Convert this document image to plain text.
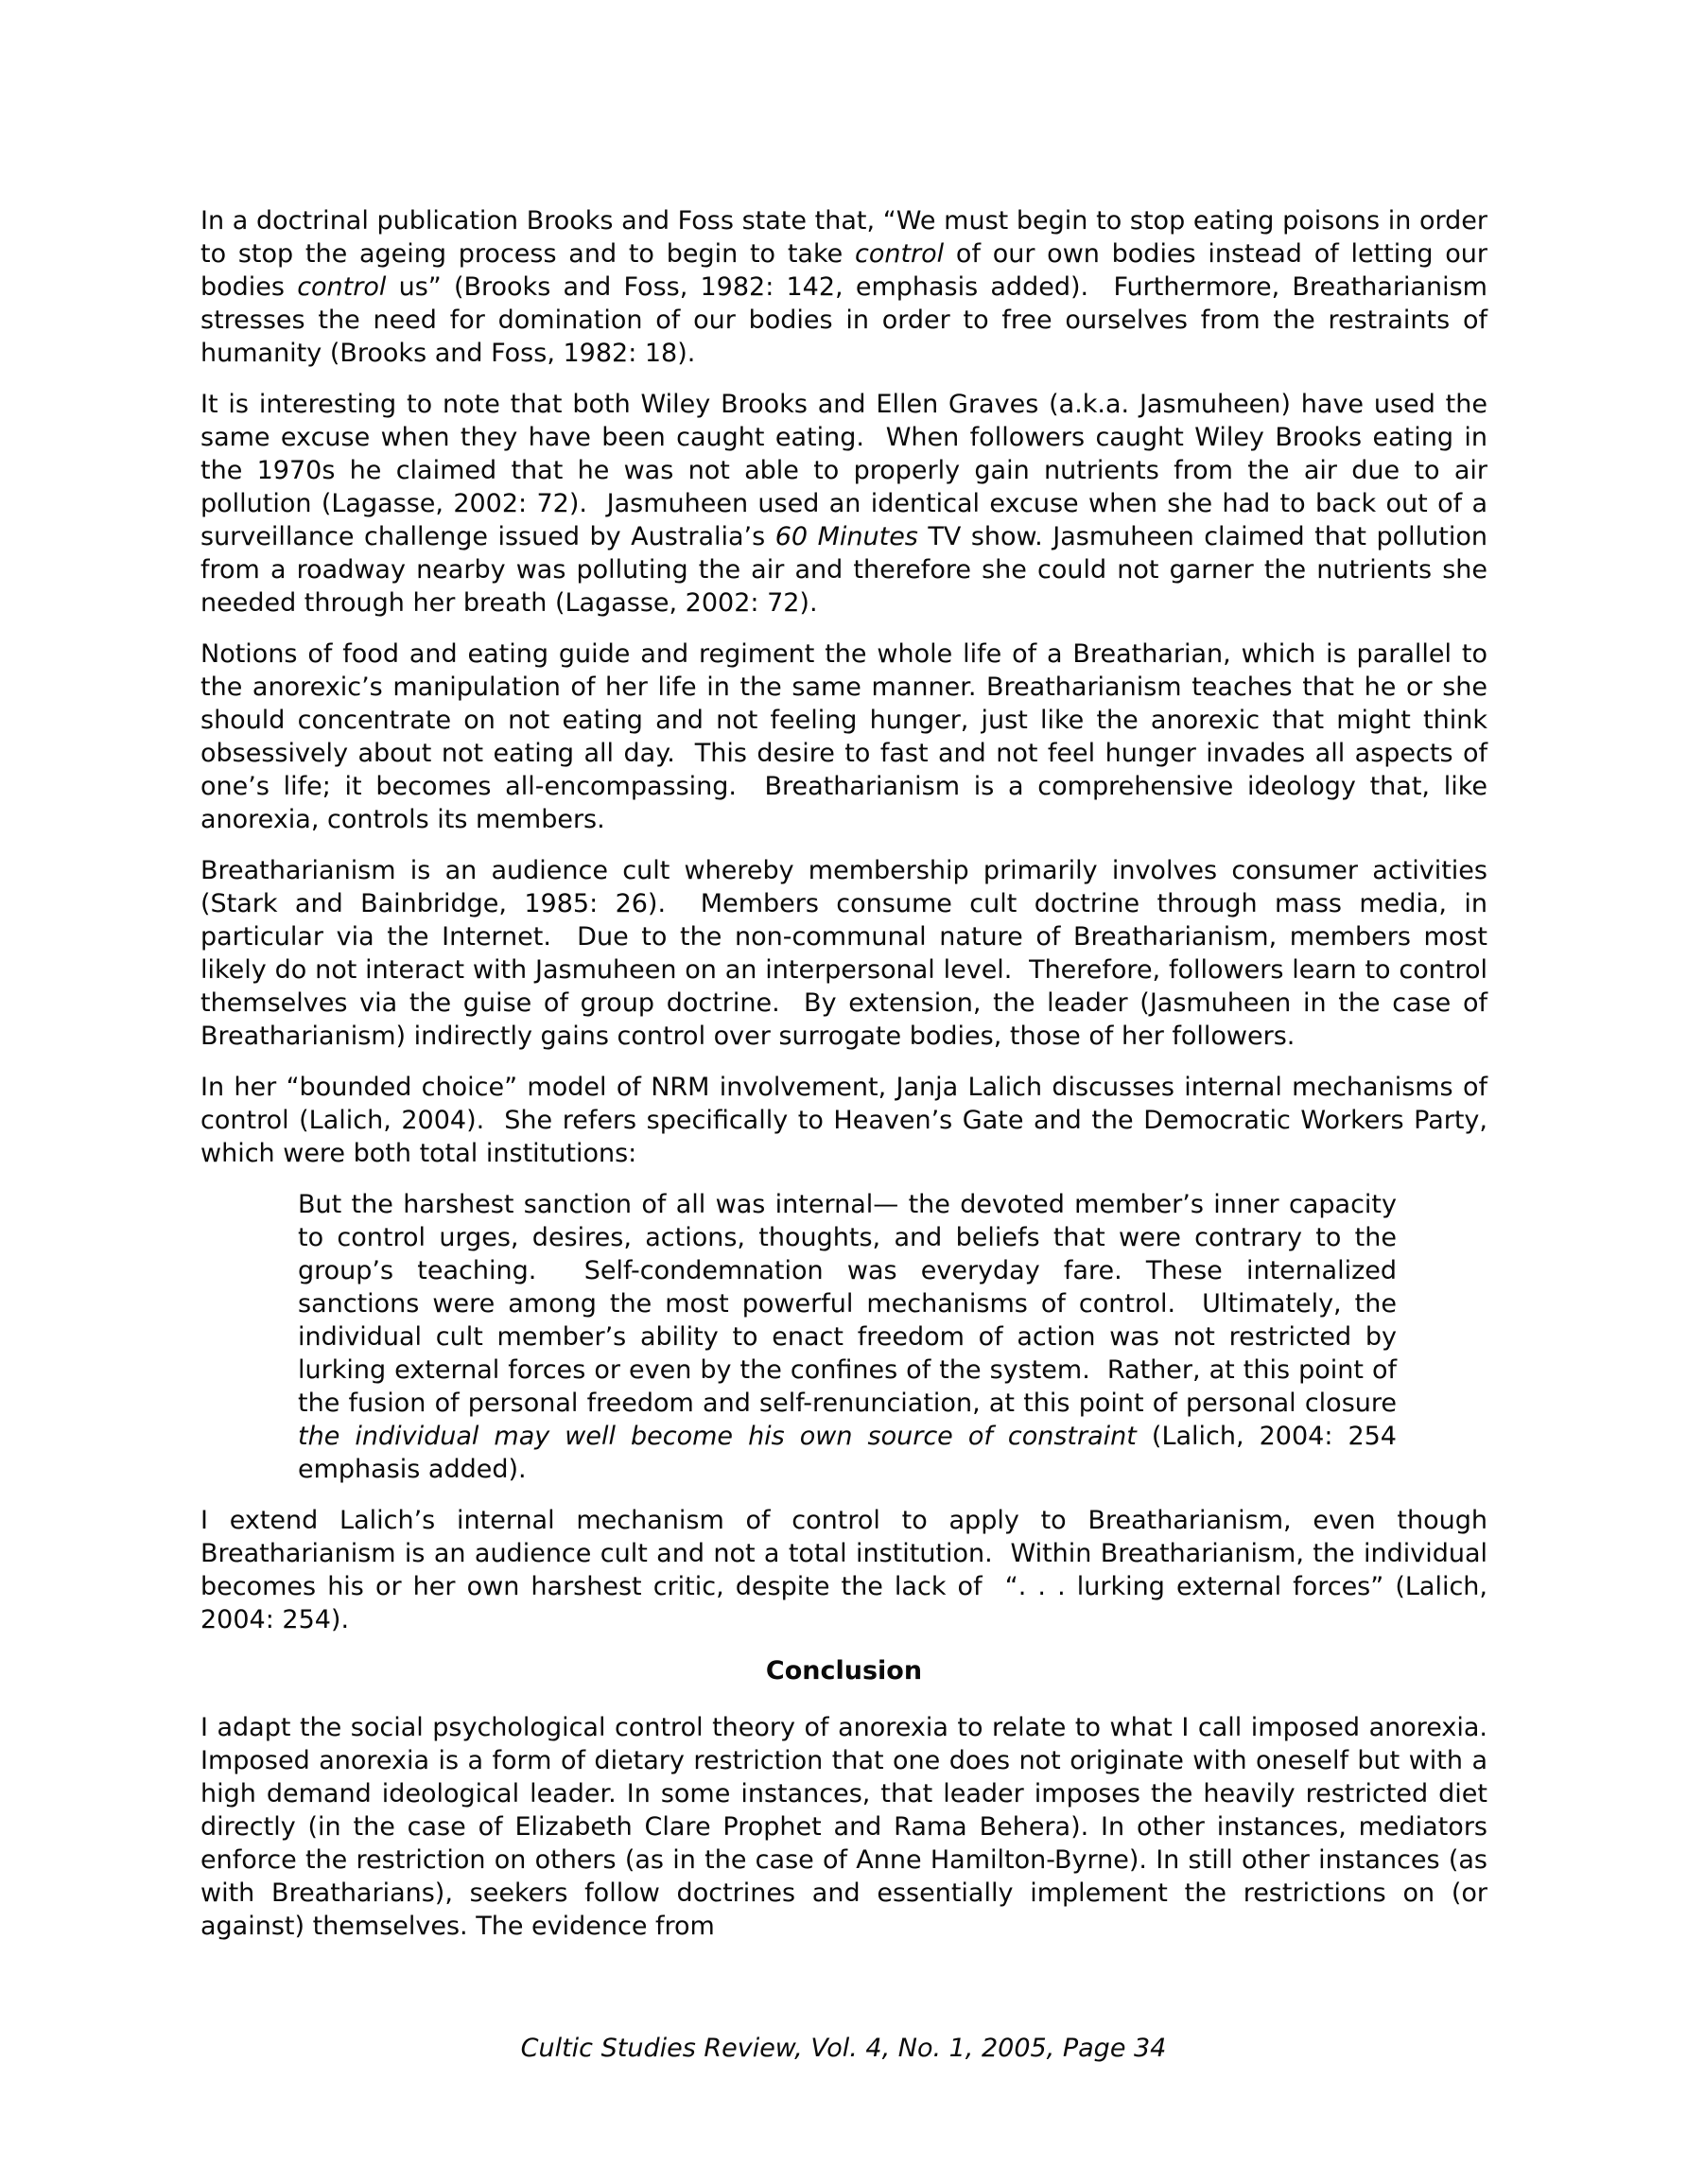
In a doctrinal publication Brooks and Foss state that, “We must begin to stop eating poisons in order to stop the ageing process and to begin to take control of our own bodies instead of letting our bodies control us” (Brooks and Foss, 1982: 142, emphasis added).  Furthermore, Breatharianism stresses the need for domination of our bodies in order to free ourselves from the restraints of humanity (Brooks and Foss, 1982: 18).

It is interesting to note that both Wiley Brooks and Ellen Graves (a.k.a. Jasmuheen) have used the same excuse when they have been caught eating.  When followers caught Wiley Brooks eating in the 1970s he claimed that he was not able to properly gain nutrients from the air due to air pollution (Lagasse, 2002: 72).  Jasmuheen used an identical excuse when she had to back out of a surveillance challenge issued by Australia’s 60 Minutes TV show. Jasmuheen claimed that pollution from a roadway nearby was polluting the air and therefore she could not garner the nutrients she needed through her breath (Lagasse, 2002: 72).

Notions of food and eating guide and regiment the whole life of a Breatharian, which is parallel to the anorexic’s manipulation of her life in the same manner. Breatharianism teaches that he or she should concentrate on not eating and not feeling hunger, just like the anorexic that might think obsessively about not eating all day.  This desire to fast and not feel hunger invades all aspects of one’s life; it becomes all-encompassing.  Breatharianism is a comprehensive ideology that, like anorexia, controls its members.

Breatharianism is an audience cult whereby membership primarily involves consumer activities (Stark and Bainbridge, 1985: 26).  Members consume cult doctrine through mass media, in particular via the Internet.  Due to the non-communal nature of Breatharianism, members most likely do not interact with Jasmuheen on an interpersonal level.  Therefore, followers learn to control themselves via the guise of group doctrine.  By extension, the leader (Jasmuheen in the case of Breatharianism) indirectly gains control over surrogate bodies, those of her followers.

In her “bounded choice” model of NRM involvement, Janja Lalich discusses internal mechanisms of control (Lalich, 2004).  She refers specifically to Heaven’s Gate and the Democratic Workers Party, which were both total institutions:

But the harshest sanction of all was internal— the devoted member’s inner capacity to control urges, desires, actions, thoughts, and beliefs that were contrary to the group’s teaching.  Self-condemnation was everyday fare. These internalized sanctions were among the most powerful mechanisms of control.  Ultimately, the individual cult member’s ability to enact freedom of action was not restricted by lurking external forces or even by the confines of the system.  Rather, at this point of the fusion of personal freedom and self-renunciation, at this point of personal closure the individual may well become his own source of constraint (Lalich, 2004: 254 emphasis added).

I extend Lalich’s internal mechanism of control to apply to Breatharianism, even though Breatharianism is an audience cult and not a total institution.  Within Breatharianism, the individual becomes his or her own harshest critic, despite the lack of  “. . . lurking external forces” (Lalich, 2004: 254).

Conclusion

I adapt the social psychological control theory of anorexia to relate to what I call imposed anorexia. Imposed anorexia is a form of dietary restriction that one does not originate with oneself but with a high demand ideological leader. In some instances, that leader imposes the heavily restricted diet directly (in the case of Elizabeth Clare Prophet and Rama Behera). In other instances, mediators enforce the restriction on others (as in the case of Anne Hamilton-Byrne). In still other instances (as with Breatharians), seekers follow doctrines and essentially implement the restrictions on (or against) themselves. The evidence from

Cultic Studies Review, Vol. 4, No. 1, 2005, Page 34
